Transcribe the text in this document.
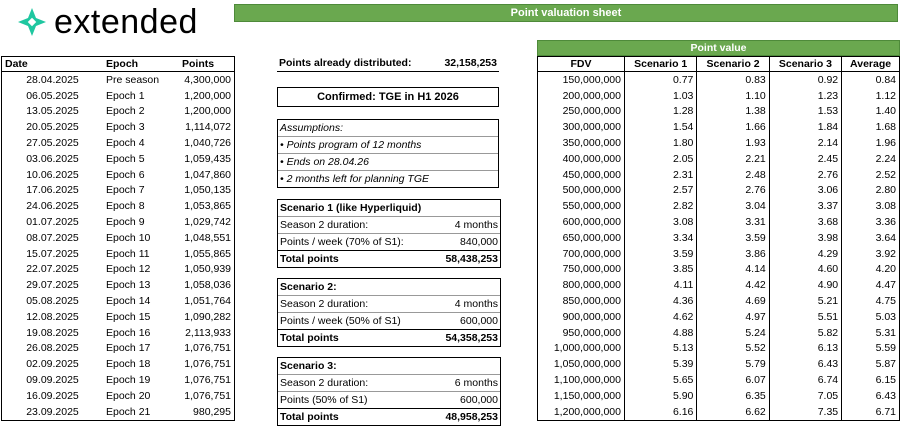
extended	Point valuation sheet
Date	Epoch	Points
28.04.2025	Pre season	4,300,000
06.05.2025	Epoch 1	1,200,000
13.05.2025	Epoch 2	1,200,000
20.05.2025	Epoch 3	1,114,072
27.05.2025	Epoch 4	1,040,726
03.06.2025	Epoch 5	1,059,435
10.06.2025	Epoch 6	1,047,860
17.06.2025	Epoch 7	1,050,135
24.06.2025	Epoch 8	1,053,865
01.07.2025	Epoch 9	1,029,742
08.07.2025	Epoch 10	1,048,551
15.07.2025	Epoch 11	1,055,865
22.07.2025	Epoch 12	1,050,939
29.07.2025	Epoch 13	1,058,036
05.08.2025	Epoch 14	1,051,764
12.08.2025	Epoch 15	1,090,282
19.08.2025	Epoch 16	2,113,933
26.08.2025	Epoch 17	1,076,751
02.09.2025	Epoch 18	1,076,751
09.09.2025	Epoch 19	1,076,751
16.09.2025	Epoch 20	1,076,751
23.09.2025	Epoch 21	980,295
Points already distributed:	32,158,253
Confirmed: TGE in H1 2026
Assumptions:
• Points program of 12 months
• Ends on 28.04.26
• 2 months left for planning TGE
Scenario 1 (like Hyperliquid)
Season 2 duration:	4 months
Points / week (70% of S1):	840,000
Total points	58,438,253
Scenario 2:
Season 2 duration:	4 months
Points / week (50% of S1)	600,000
Total points	54,358,253
Scenario 3:
Season 2 duration:	6 months
Points (50% of S1)	600,000
Total points	48,958,253
Point value
FDV	Scenario 1	Scenario 2	Scenario 3	Average
150,000,000	0.77	0.83	0.92	0.84
200,000,000	1.03	1.10	1.23	1.12
250,000,000	1.28	1.38	1.53	1.40
300,000,000	1.54	1.66	1.84	1.68
350,000,000	1.80	1.93	2.14	1.96
400,000,000	2.05	2.21	2.45	2.24
450,000,000	2.31	2.48	2.76	2.52
500,000,000	2.57	2.76	3.06	2.80
550,000,000	2.82	3.04	3.37	3.08
600,000,000	3.08	3.31	3.68	3.36
650,000,000	3.34	3.59	3.98	3.64
700,000,000	3.59	3.86	4.29	3.92
750,000,000	3.85	4.14	4.60	4.20
800,000,000	4.11	4.42	4.90	4.47
850,000,000	4.36	4.69	5.21	4.75
900,000,000	4.62	4.97	5.51	5.03
950,000,000	4.88	5.24	5.82	5.31
1,000,000,000	5.13	5.52	6.13	5.59
1,050,000,000	5.39	5.79	6.43	5.87
1,100,000,000	5.65	6.07	6.74	6.15
1,150,000,000	5.90	6.35	7.05	6.43
1,200,000,000	6.16	6.62	7.35	6.71
